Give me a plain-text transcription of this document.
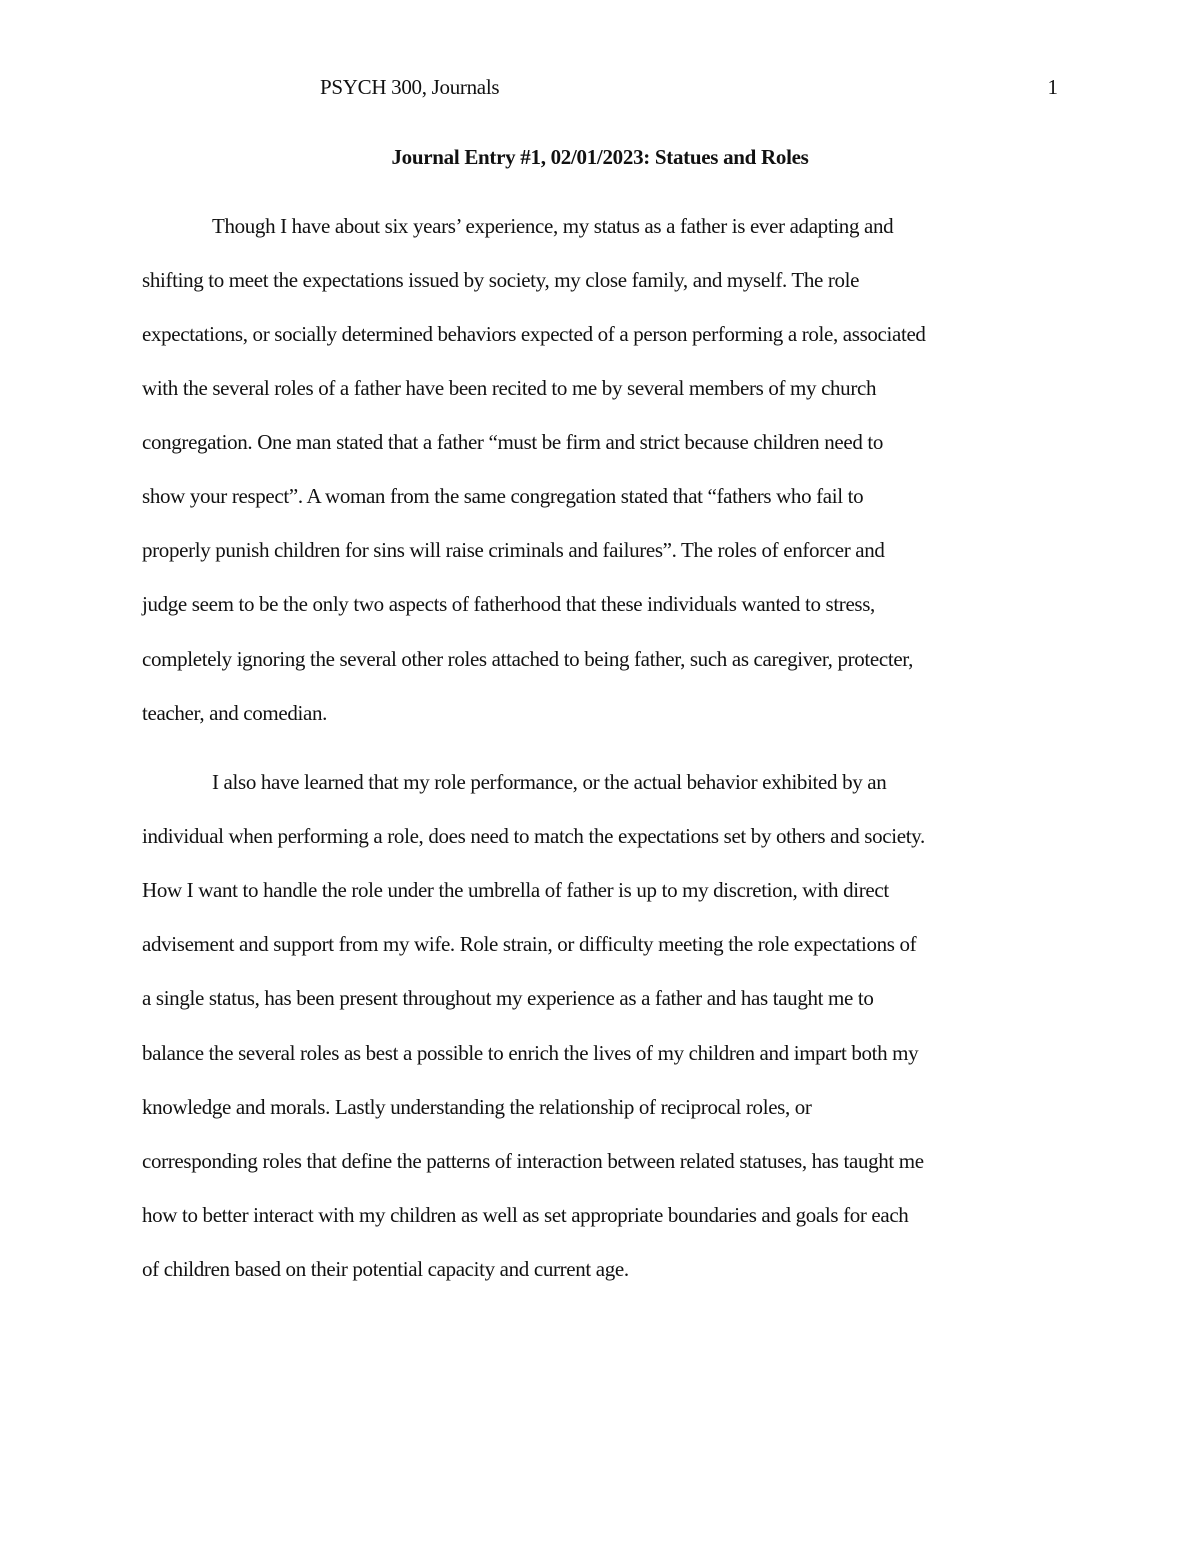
PSYCH 300, Journals	1
Journal Entry #1, 02/01/2023: Statues and Roles
Though I have about six years’ experience, my status as a father is ever adapting and
shifting to meet the expectations issued by society, my close family, and myself. The role
expectations, or socially determined behaviors expected of a person performing a role, associated
with the several roles of a father have been recited to me by several members of my church
congregation. One man stated that a father “must be firm and strict because children need to
show your respect”. A woman from the same congregation stated that “fathers who fail to
properly punish children for sins will raise criminals and failures”. The roles of enforcer and
judge seem to be the only two aspects of fatherhood that these individuals wanted to stress,
completely ignoring the several other roles attached to being father, such as caregiver, protecter,
teacher, and comedian.
I also have learned that my role performance, or the actual behavior exhibited by an
individual when performing a role, does need to match the expectations set by others and society.
How I want to handle the role under the umbrella of father is up to my discretion, with direct
advisement and support from my wife. Role strain, or difficulty meeting the role expectations of
a single status, has been present throughout my experience as a father and has taught me to
balance the several roles as best a possible to enrich the lives of my children and impart both my
knowledge and morals. Lastly understanding the relationship of reciprocal roles, or
corresponding roles that define the patterns of interaction between related statuses, has taught me
how to better interact with my children as well as set appropriate boundaries and goals for each
of children based on their potential capacity and current age.
